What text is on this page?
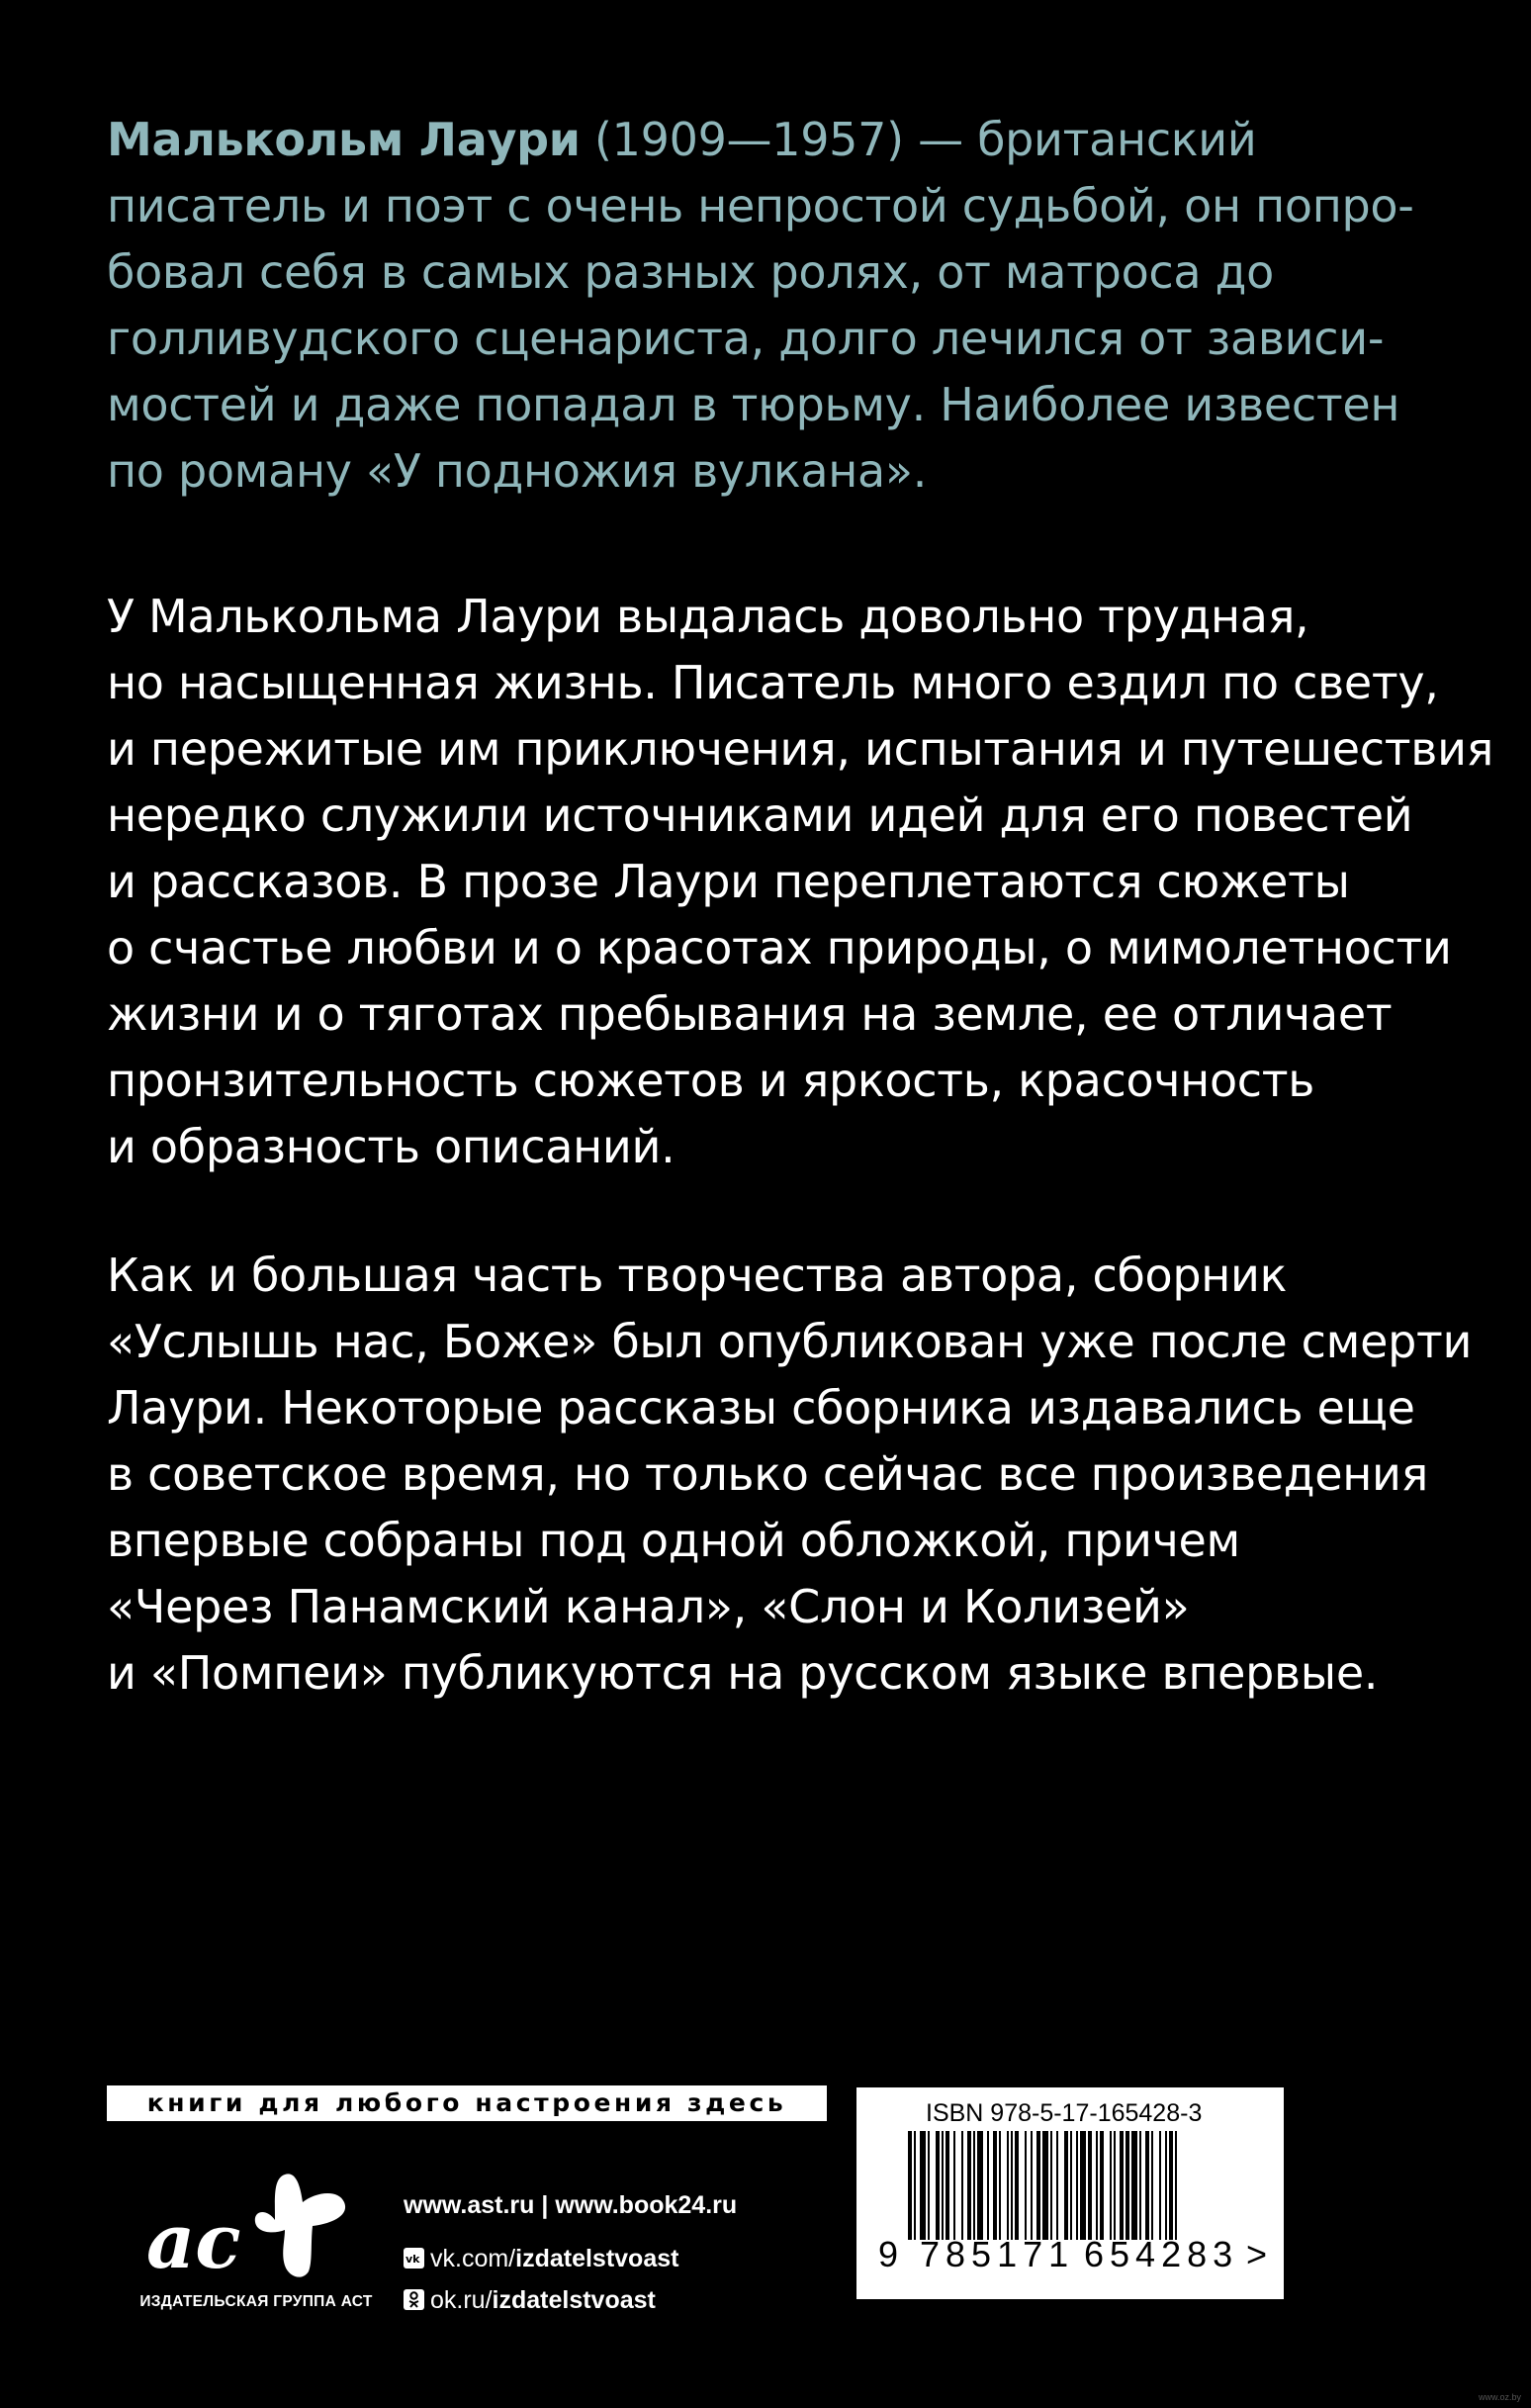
Малькольм Лаури (1909—1957) — британский
писатель и поэт с очень непростой судьбой, он попро-
бовал себя в самых разных ролях, от матроса до
голливудского сценариста, долго лечился от зависи-
мостей и даже попадал в тюрьму. Наиболее известен
по роману «У подножия вулкана».
У Малькольма Лаури выдалась довольно трудная,
но насыщенная жизнь. Писатель много ездил по свету,
и пережитые им приключения, испытания и путешествия
нередко служили источниками идей для его повестей
и рассказов. В прозе Лаури переплетаются сюжеты
о счастье любви и о красотах природы, о мимолетности
жизни и о тяготах пребывания на земле, ее отличает
пронзительность сюжетов и яркость, красочность
и образность описаний.
Как и большая часть творчества автора, сборник
«Услышь нас, Боже» был опубликован уже после смерти
Лаури. Некоторые рассказы сборника издавались еще
в советское время, но только сейчас все произведения
впервые собраны под одной обложкой, причем
«Через Панамский канал», «Слон и Колизей»
и «Помпеи» публикуются на русском языке впервые.
книги для любого настроения здесь
ас
ИЗДАТЕЛЬСКАЯ ГРУППА АСТ
www.ast.ru | www.book24.ru
vk vk.com/izdatelstvoast
ok.ru/izdatelstvoast
ISBN 978-5-17-165428-3
9 785171 654283 >
www.oz.by
